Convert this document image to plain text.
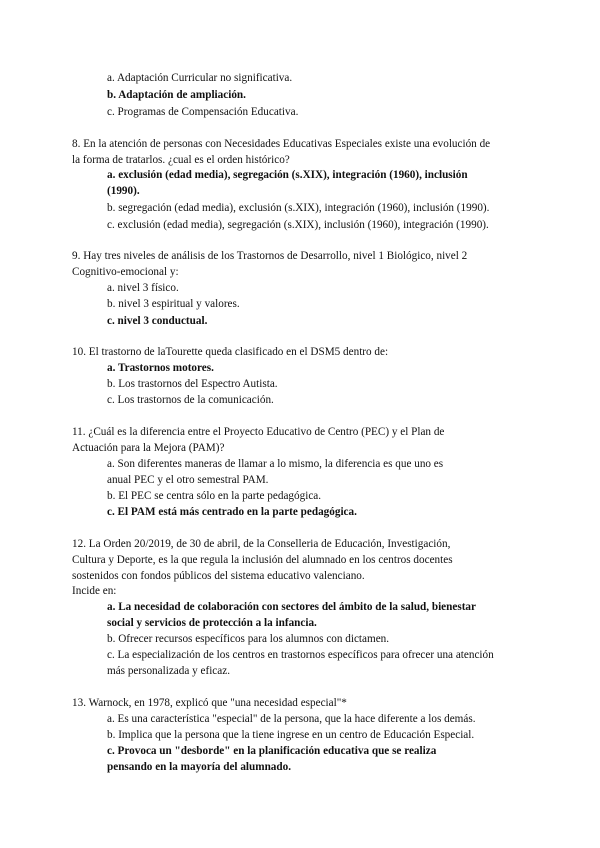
a. Adaptación Curricular no significativa.
b. Adaptación de ampliación.
c. Programas de Compensación Educativa.
8. En la atención de personas con Necesidades Educativas Especiales existe una evolución de
la forma de tratarlos. ¿cual es el orden histórico?
a. exclusión (edad media), segregación (s.XIX), integración (1960), inclusión
(1990).
b. segregación (edad media), exclusión (s.XIX), integración (1960), inclusión (1990).
c. exclusión (edad media), segregación (s.XIX), inclusión (1960), integración (1990).
9. Hay tres niveles de análisis de los Trastornos de Desarrollo, nivel 1 Biológico, nivel 2
Cognitivo-emocional y:
a. nivel 3 físico.
b. nivel 3 espiritual y valores.
c. nivel 3 conductual.
10. El trastorno de laTourette queda clasificado en el DSM5 dentro de:
a. Trastornos motores.
b. Los trastornos del Espectro Autista.
c. Los trastornos de la comunicación.
11. ¿Cuál es la diferencia entre el Proyecto Educativo de Centro (PEC) y el Plan de
Actuación para la Mejora (PAM)?
a. Son diferentes maneras de llamar a lo mismo, la diferencia es que uno es
anual PEC y el otro semestral PAM.
b. El PEC se centra sólo en la parte pedagógica.
c. El PAM está más centrado en la parte pedagógica.
12. La Orden 20/2019, de 30 de abril, de la Conselleria de Educación, Investigación,
Cultura y Deporte, es la que regula la inclusión del alumnado en los centros docentes
sostenidos con fondos públicos del sistema educativo valenciano.
Incide en:
a. La necesidad de colaboración con sectores del ámbito de la salud, bienestar
social y servicios de protección a la infancia.
b. Ofrecer recursos específicos para los alumnos con dictamen.
c. La especialización de los centros en trastornos específicos para ofrecer una atención
más personalizada y eficaz.
13. Warnock, en 1978, explicó que "una necesidad especial"*
a. Es una característica "especial" de la persona, que la hace diferente a los demás.
b. Implica que la persona que la tiene ingrese en un centro de Educación Especial.
c. Provoca un "desborde" en la planificación educativa que se realiza
pensando en la mayoría del alumnado.
